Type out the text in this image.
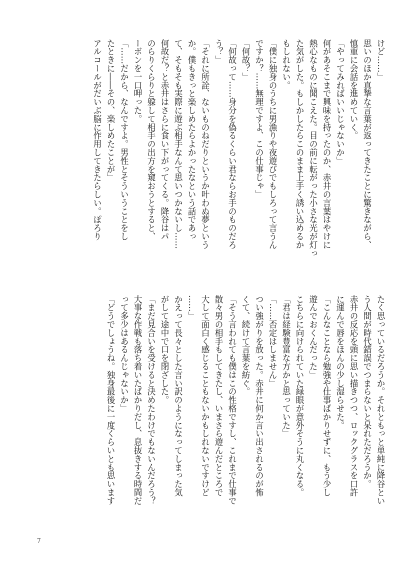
けど……」
思いのほか真摯な言葉が返ってきたことに驚きながら、
慎重に会話を進めていく。
「やってみればいいじゃないか」
何があそこまで興味を持ったのか、赤井の言葉はやけに
熱心なものに聞こえた。目の前に転がった小さな光が灯っ
た気がした。もしかしたらこのまま上手く誘い込めるか
もしれない。
「僕に独身のうちに男漁りや夜遊びでもしろって言うん
ですか？……無理ですよ、この仕事じゃ」
「何故？」
「何故って……身分を偽るくらい君ならお手のものだろ
う？」
「それに所詮、ないものねだりというか叶わぬ夢という
か。僕もきっと楽しめたらよかったなという話であっ
て、そもそも実際に遊ぶ相手なんて思いつかないし……
何故だ？と赤井はさらに食い下がってくる。降谷はパ
のらりくらりと躱して相手の出方を窺おうとすると、
ーボンを一口呷った。
「……だから、なんですよ。男性とそういうことをし
たときに――その、楽しめたことが」
アルコールがだいぶ脳に作用してきたらしい。ぽろり
たく思っているだろうか。それともっと単純に降谷とい
う人間が時代錯誤でつまらないと呆れただろうか。
赤井の反応を頭に思い描きつつ、ロックグラスを口許
に運んで唇をほんの少し湿らせた。
「こんなことなら勉強や仕事ばかりせずに、もう少し
遊んでおくんだった」
こちらに向けられていた緑眼が意外そうに丸くなる。
「君は経験豊富な方かと思っていた」
「……否定はしません」
つい強がりを放った。赤井に何か言い出されるのが怖
くて、続けて言葉を紡ぐ。
「そう言われても僕はこの性格ですし、これまで仕事で
散々男の相手もしてきたし、いまさら遊んだところで
大して面白く感じることもないかもしれないですけど
……」
かえって長々とした言い訳のようになってしまった気
がして途中で口を閉ざした。
「まだ見合いを受けると決めたわけでもないんだろう？
大事な作戦も落ち着いたばかりだし、息抜きする時間だ
って多少はあるんじゃないか」
「どうでしょうね。独身最後に一度くらいとも思います
7
